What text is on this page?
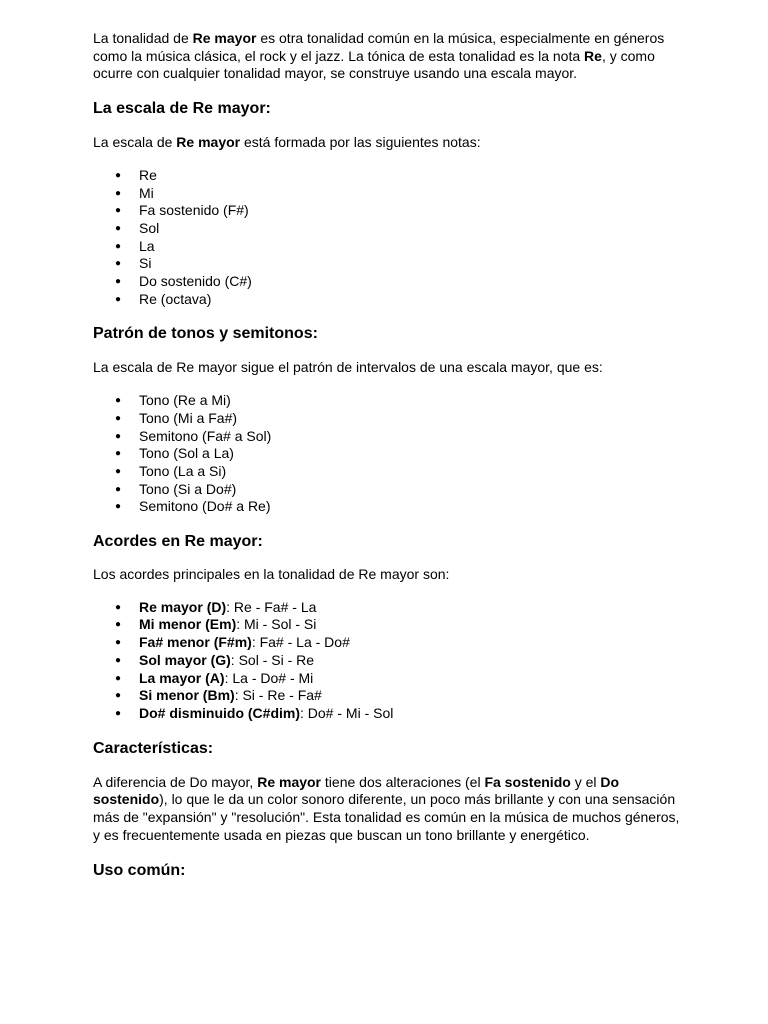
La tonalidad de Re mayor es otra tonalidad común en la música, especialmente en géneros como la música clásica, el rock y el jazz. La tónica de esta tonalidad es la nota Re, y como ocurre con cualquier tonalidad mayor, se construye usando una escala mayor.

La escala de Re mayor:

La escala de Re mayor está formada por las siguientes notas:

● Re
● Mi
● Fa sostenido (F#)
● Sol
● La
● Si
● Do sostenido (C#)
● Re (octava)
Patrón de tonos y semitonos:

La escala de Re mayor sigue el patrón de intervalos de una escala mayor, que es:

● Tono (Re a Mi)
● Tono (Mi a Fa#)
● Semitono (Fa# a Sol)
● Tono (Sol a La)
● Tono (La a Si)
● Tono (Si a Do#)
● Semitono (Do# a Re)
Acordes en Re mayor:

Los acordes principales en la tonalidad de Re mayor son:

● Re mayor (D): Re - Fa# - La
● Mi menor (Em): Mi - Sol - Si
● Fa# menor (F#m): Fa# - La - Do#
● Sol mayor (G): Sol - Si - Re
● La mayor (A): La - Do# - Mi
● Si menor (Bm): Si - Re - Fa#
● Do# disminuido (C#dim): Do# - Mi - Sol
Características:

A diferencia de Do mayor, Re mayor tiene dos alteraciones (el Fa sostenido y el Do sostenido), lo que le da un color sonoro diferente, un poco más brillante y con una sensación más de "expansión" y "resolución". Esta tonalidad es común en la música de muchos géneros, y es frecuentemente usada en piezas que buscan un tono brillante y energético.

Uso común:
